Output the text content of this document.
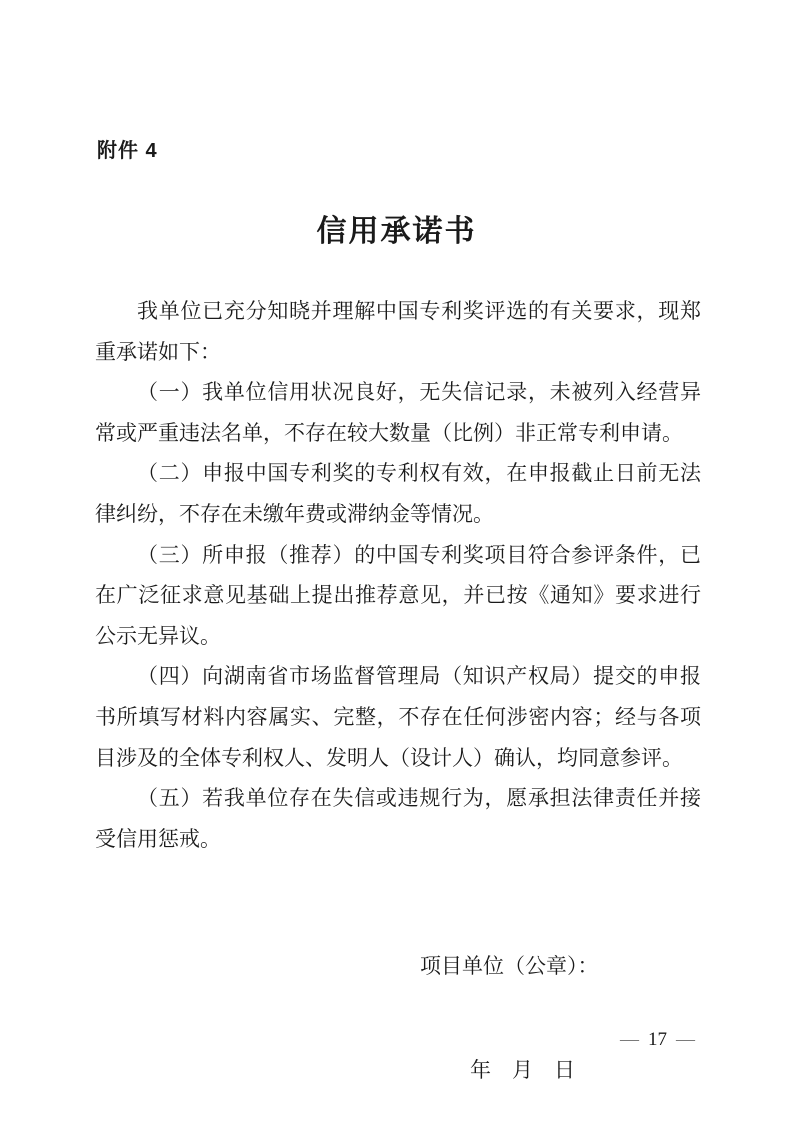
附件 4
信用承诺书

我单位已充分知晓并理解中国专利奖评选的有关要求，现郑重承诺如下：

（一）我单位信用状况良好，无失信记录，未被列入经营异常或严重违法名单，不存在较大数量（比例）非正常专利申请。

（二）申报中国专利奖的专利权有效，在申报截止日前无法律纠纷，不存在未缴年费或滞纳金等情况。

（三）所申报（推荐）的中国专利奖项目符合参评条件，已在广泛征求意见基础上提出推荐意见，并已按《通知》要求进行公示无异议。

（四）向湖南省市场监督管理局（知识产权局）提交的申报书所填写材料内容属实、完整，不存在任何涉密内容；经与各项目涉及的全体专利权人、发明人（设计人）确认，均同意参评。

（五）若我单位存在失信或违规行为，愿承担法律责任并接受信用惩戒。

项目单位（公章）：

年　月　日

— 17 —
